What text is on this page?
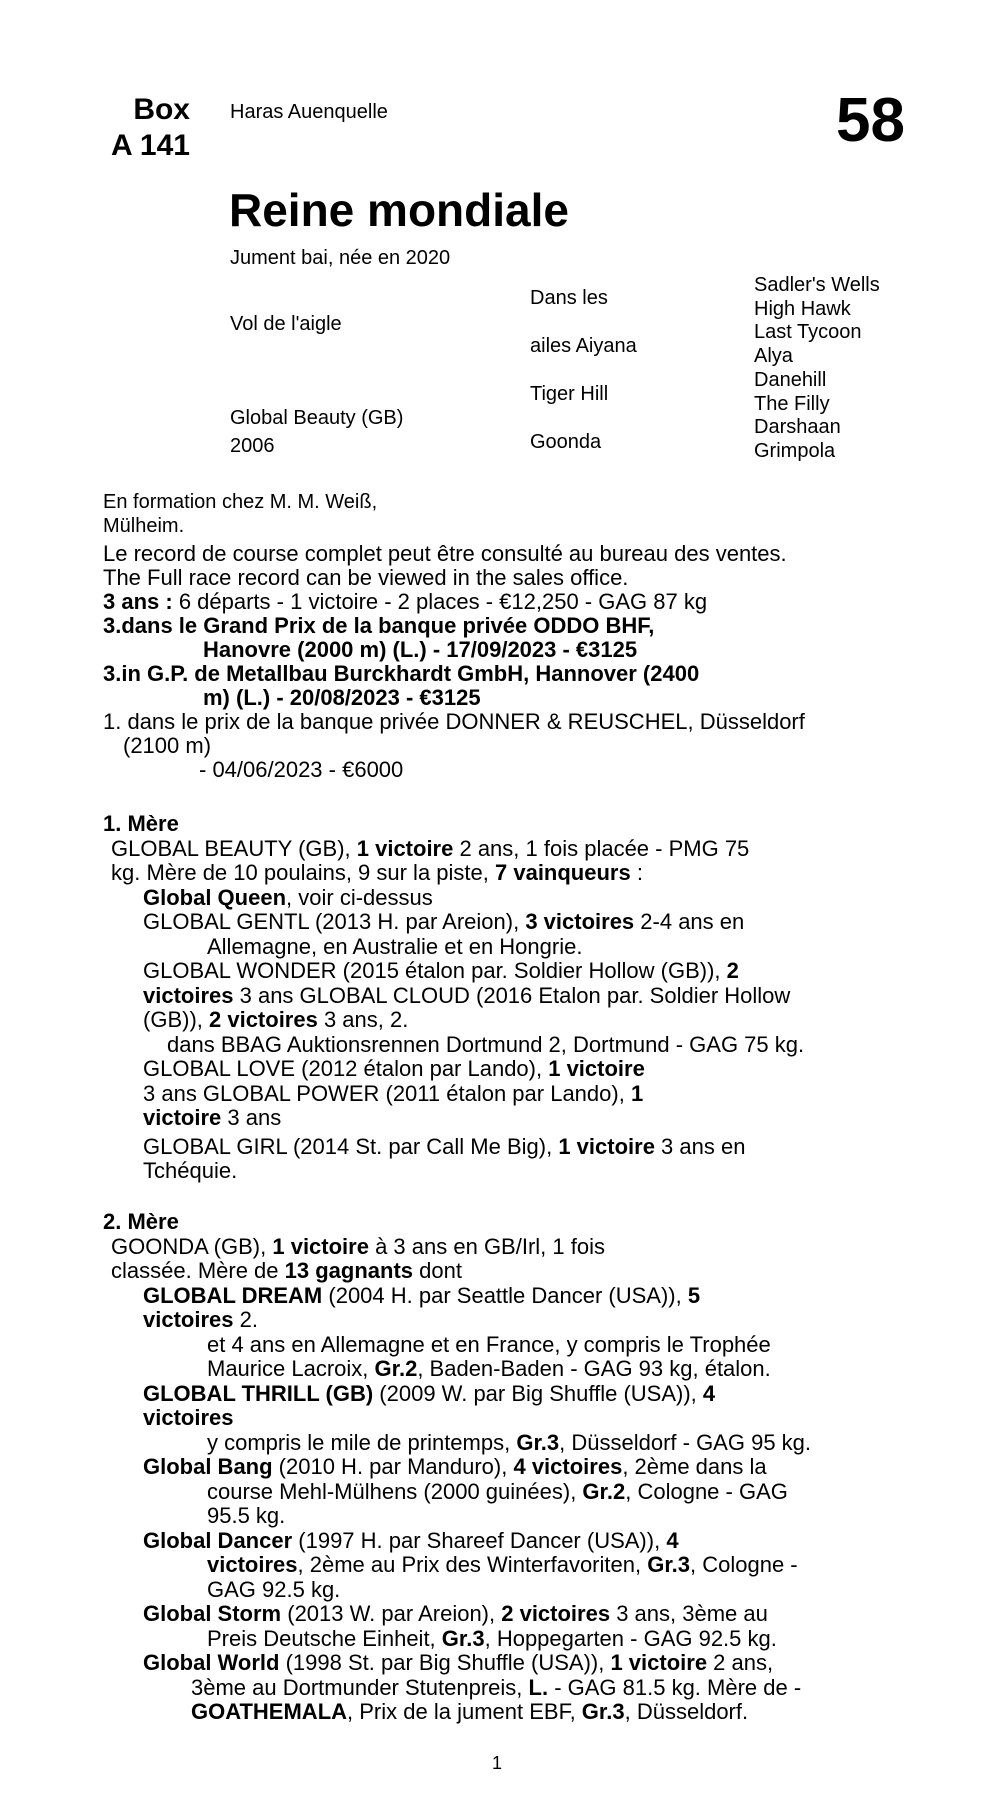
Box
A 141
Haras Auenquelle	58
Reine mondiale
Jument bai, née en 2020
Vol de l'aigle
Global Beauty (GB)
2006
Dans les
ailes Aiyana
Tiger Hill
Goonda
Sadler's Wells
High Hawk
Last Tycoon
Alya
Danehill
The Filly
Darshaan
Grimpola
En formation chez M. M. Weiß,
Mülheim.

Le record de course complet peut être consulté au bureau des ventes.

The Full race record can be viewed in the sales office.

3 ans : 6 départs - 1 victoire - 2 places - €12,250 - GAG 87 kg

3.dans le Grand Prix de la banque privée ODDO BHF,

Hanovre (2000 m) (L.) - 17/09/2023 - €3125

3.in G.P. de Metallbau Burckhardt GmbH, Hannover (2400

m) (L.) - 20/08/2023 - €3125

1. dans le prix de la banque privée DONNER & REUSCHEL, Düsseldorf

(2100 m)

- 04/06/2023 - €6000

1. Mère

GLOBAL BEAUTY (GB), 1 victoire 2 ans, 1 fois placée - PMG 75

kg. Mère de 10 poulains, 9 sur la piste, 7 vainqueurs :

Global Queen, voir ci-dessus

GLOBAL GENTL (2013 H. par Areion), 3 victoires 2-4 ans en

Allemagne, en Australie et en Hongrie.

GLOBAL WONDER (2015 étalon par. Soldier Hollow (GB)), 2

victoires 3 ans GLOBAL CLOUD (2016 Etalon par. Soldier Hollow

(GB)), 2 victoires 3 ans, 2.

dans BBAG Auktionsrennen Dortmund 2, Dortmund - GAG 75 kg.

GLOBAL LOVE (2012 étalon par Lando), 1 victoire

3 ans GLOBAL POWER (2011 étalon par Lando), 1

victoire 3 ans

GLOBAL GIRL (2014 St. par Call Me Big), 1 victoire 3 ans en

Tchéquie.

2. Mère

GOONDA (GB), 1 victoire à 3 ans en GB/Irl, 1 fois

classée. Mère de 13 gagnants dont

GLOBAL DREAM (2004 H. par Seattle Dancer (USA)), 5

victoires 2.

et 4 ans en Allemagne et en France, y compris le Trophée

Maurice Lacroix, Gr.2, Baden-Baden - GAG 93 kg, étalon.

GLOBAL THRILL (GB) (2009 W. par Big Shuffle (USA)), 4

victoires

y compris le mile de printemps, Gr.3, Düsseldorf - GAG 95 kg.

Global Bang (2010 H. par Manduro), 4 victoires, 2ème dans la

course Mehl-Mülhens (2000 guinées), Gr.2, Cologne - GAG

95.5 kg.

Global Dancer (1997 H. par Shareef Dancer (USA)), 4

victoires, 2ème au Prix des Winterfavoriten, Gr.3, Cologne -

GAG 92.5 kg.

Global Storm (2013 W. par Areion), 2 victoires 3 ans, 3ème au

Preis Deutsche Einheit, Gr.3, Hoppegarten - GAG 92.5 kg.

Global World (1998 St. par Big Shuffle (USA)), 1 victoire 2 ans,

3ème au Dortmunder Stutenpreis, L. - GAG 81.5 kg. Mère de -

GOATHEMALA, Prix de la jument EBF, Gr.3, Düsseldorf.

1
